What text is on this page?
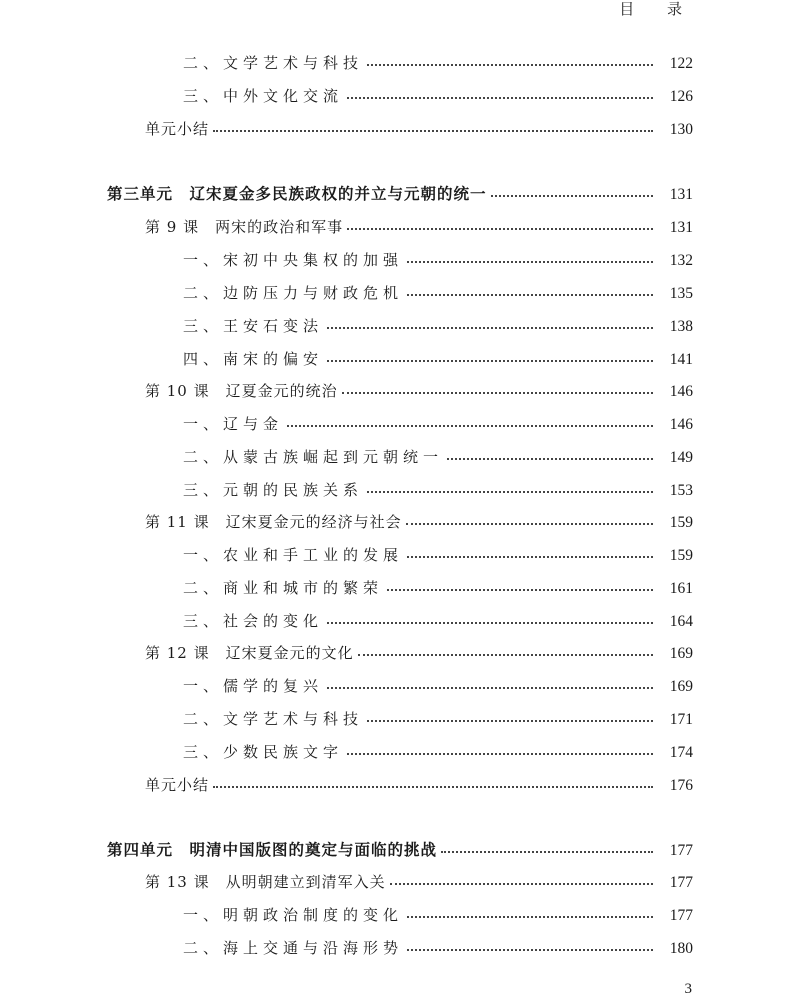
目 录
二、文学艺术与科技	122
三、中外文化交流	126
单元小结	130
第三单元　辽宋夏金多民族政权的并立与元朝的统一	131
第 9 课　两宋的政治和军事	131
一、宋初中央集权的加强	132
二、边防压力与财政危机	135
三、王安石变法	138
四、南宋的偏安	141
第 10 课　辽夏金元的统治	146
一、辽与金	146
二、从蒙古族崛起到元朝统一	149
三、元朝的民族关系	153
第 11 课　辽宋夏金元的经济与社会	159
一、农业和手工业的发展	159
二、商业和城市的繁荣	161
三、社会的变化	164
第 12 课　辽宋夏金元的文化	169
一、儒学的复兴	169
二、文学艺术与科技	171
三、少数民族文字	174
单元小结	176
第四单元　明清中国版图的奠定与面临的挑战	177
第 13 课　从明朝建立到清军入关	177
一、明朝政治制度的变化	177
二、海上交通与沿海形势	180
3
